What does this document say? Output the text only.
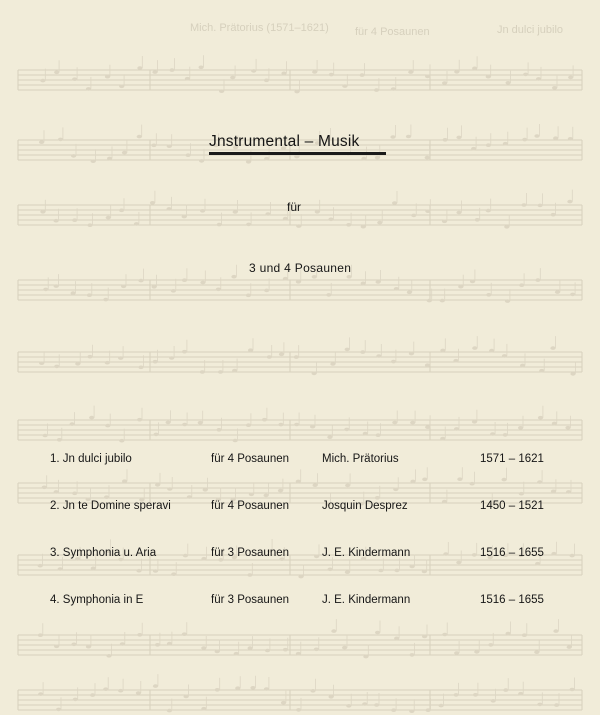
Jn dulci jubilo
für 4 Posaunen
Mich. Prätorius (1571–1621)
Jnstrumental – Musik
für
3 und 4 Posaunen
1. Jn dulci jubilo	für 4 Posaunen	Mich. Prätorius	1571 – 1621
2. Jn te Domine speravi	für 4 Posaunen	Josquin Desprez	1450 – 1521
3. Symphonia u. Aria	für 3 Posaunen	J. E. Kindermann	1516 – 1655
4. Symphonia in E	für 3 Posaunen	J. E. Kindermann	1516 – 1655
